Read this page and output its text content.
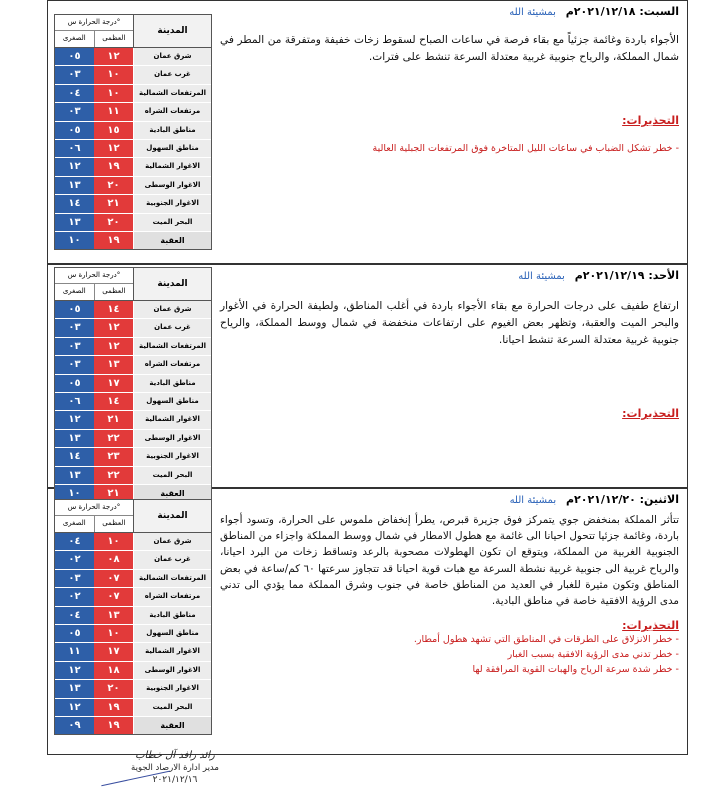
درجة الحرارة س°
الصغرى	العظمى
المدينة
٠٥	١٢	شرق عمان
٠٣	١٠	غرب عمان
٠٤	١٠	المرتفعات الشمالية
٠٣	١١	مرتفعات الشراه
٠٥	١٥	مناطق البادية
٠٦	١٢	مناطق السهول
١٢	١٩	الاغوار الشمالية
١٣	٢٠	الاغوار الوسطى
١٤	٢١	الاغوار الجنوبية
١٣	٢٠	البحر الميت
١٠	١٩	العقبة
السبت: ٢٠٢١/١٢/١٨م بمشيئة الله
الأجواء باردة وغائمة جزئياً مع بقاء فرصة في ساعات الصباح لسقوط زخات خفيفة ومتفرقة من المطر في شمال المملكة، والرياح جنوبية غربية معتدلة السرعة تنشط على فترات.
التحذيرات:
- خطر تشكل الضباب في ساعات الليل المتاخرة فوق المرتفعات الجبلية العالية
درجة الحرارة س°
الصغرى	العظمى
المدينة
٠٥	١٤	شرق عمان
٠٣	١٢	غرب عمان
٠٣	١٢	المرتفعات الشمالية
٠٣	١٣	مرتفعات الشراه
٠٥	١٧	مناطق البادية
٠٦	١٤	مناطق السهول
١٢	٢١	الاغوار الشمالية
١٣	٢٢	الاغوار الوسطى
١٤	٢٣	الاغوار الجنوبية
١٣	٢٢	البحر الميت
١٠	٢١	العقبة
الأحد: ٢٠٢١/١٢/١٩م بمشيئة الله
ارتفاع طفيف على درجات الحرارة مع بقاء الأجواء باردة في أغلب المناطق، ولطيفة الحرارة في الأغوار والبحر الميت والعقبة، وتظهر بعض الغيوم على ارتفاعات منخفضة في شمال ووسط المملكة، والرياح جنوبية غربية معتدلة السرعة تنشط احيانا.
التحذيرات:
درجة الحرارة س°
الصغرى	العظمى
المدينة
٠٤	١٠	شرق عمان
٠٢	٠٨	غرب عمان
٠٣	٠٧	المرتفعات الشمالية
٠٢	٠٧	مرتفعات الشراه
٠٤	١٣	مناطق البادية
٠٥	١٠	مناطق السهول
١١	١٧	الاغوار الشمالية
١٢	١٨	الاغوار الوسطى
١٣	٢٠	الاغوار الجنوبية
١٢	١٩	البحر الميت
٠٩	١٩	العقبة
الاثنين: ٢٠٢١/١٢/٢٠م بمشيئة الله
تتأثر المملكة بمنخفض جوي يتمركز فوق جزيرة قبرص، يطرأ إنخفاض ملموس على الحرارة، وتسود أجواء باردة، وغائمة جزئيا تتحول احيانا الى غائمة مع هطول الامطار في شمال ووسط المملكة واجزاء من المناطق الجنوبية الغربية من المملكة، ويتوقع ان تكون الهطولات مصحوبة بالرعد وتساقط زخات من البرد احيانا، والرياح غربية الى جنوبية غربية نشطة السرعة مع هبات قوية احيانا قد تتجاوز سرعتها ٦٠ كم/ساعة في بعض المناطق وتكون مثيرة للغبار في العديد من المناطق خاصة في جنوب وشرق المملكة مما يؤدي الى تدني مدى الرؤية الافقية خاصة في مناطق البادية.
التحذيرات:
- خطر الانزلاق على الطرقات في المناطق التي تشهد هطول أمطار.
- خطر تدني مدى الرؤية الافقية بسبب الغبار
- خطر شدة سرعة الرياح والهبات القوية المرافقة لها
رائد رافد آل خطاب
مدير ادارة الارصاد الجوية
٢٠٢١/١٢/١٦
